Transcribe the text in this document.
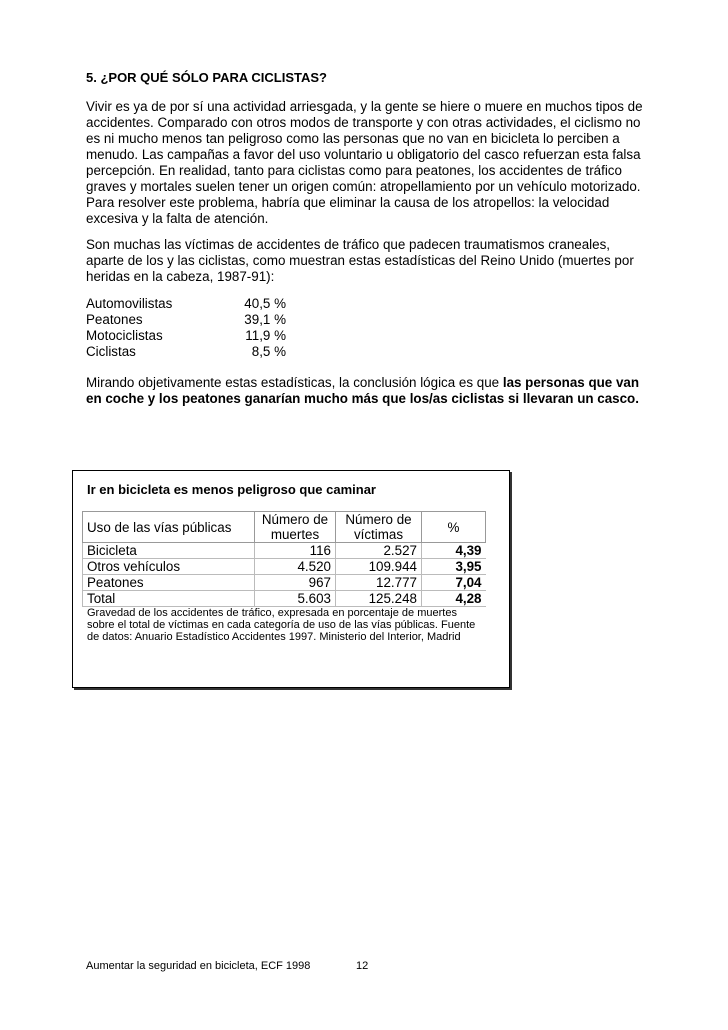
5. ¿POR QUÉ SÓLO PARA CICLISTAS?

Vivir es ya de por sí una actividad arriesgada, y la gente se hiere o muere en muchos tipos de accidentes. Comparado con otros modos de transporte y con otras actividades, el ciclismo no es ni mucho menos tan peligroso como las personas que no van en bicicleta lo perciben a menudo. Las campañas a favor del uso voluntario u obligatorio del casco refuerzan esta falsa percepción. En realidad, tanto para ciclistas como para peatones, los accidentes de tráfico graves y mortales suelen tener un origen común: atropellamiento por un vehículo motorizado. Para resolver este problema, habría que eliminar la causa de los atropellos: la velocidad excesiva y la falta de atención.

Son muchas las víctimas de accidentes de tráfico que padecen traumatismos craneales, aparte de los y las ciclistas, como muestran estas estadísticas del Reino Unido (muertes por heridas en la cabeza, 1987-91):

Automovilistas	40,5 %
Peatones	39,1 %
Motociclistas	11,9 %
Ciclistas	8,5 %

Mirando objetivamente estas estadísticas, la conclusión lógica es que las personas que van en coche y los peatones ganarían mucho más que los/as ciclistas si llevaran un casco.

Ir en bicicleta es menos peligroso que caminar
Uso de las vías públicas	Número de muertes	Número de víctimas	%
Bicicleta	116	2.527	4,39
Otros vehículos	4.520	109.944	3,95
Peatones	967	12.777	7,04
Total	5.603	125.248	4,28
Gravedad de los accidentes de tráfico, expresada en porcentaje de muertes sobre el total de víctimas en cada categoría de uso de las vías públicas. Fuente de datos: Anuario Estadístico Accidentes 1997. Ministerio del Interior, Madrid
Aumentar la seguridad en bicicleta, ECF 1998	12
